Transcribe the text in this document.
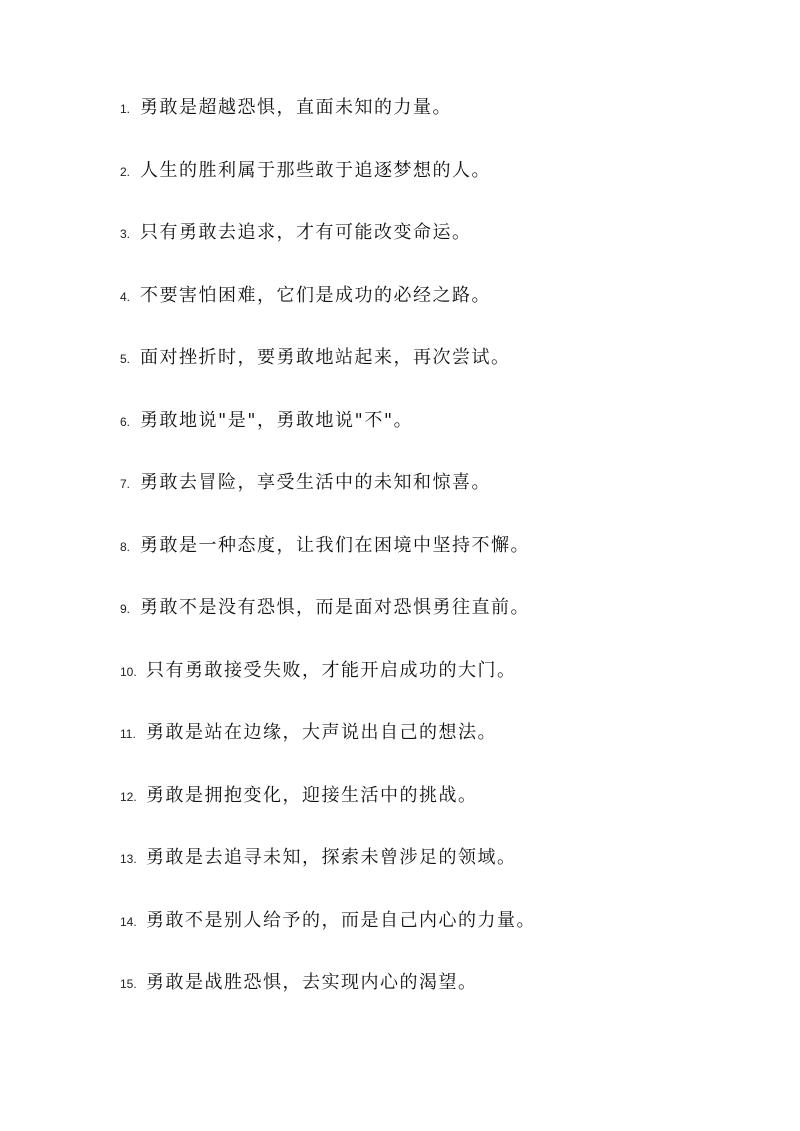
1. 勇敢是超越恐惧，直面未知的力量。
2. 人生的胜利属于那些敢于追逐梦想的人。
3. 只有勇敢去追求，才有可能改变命运。
4. 不要害怕困难，它们是成功的必经之路。
5. 面对挫折时，要勇敢地站起来，再次尝试。
6. 勇敢地说"是"，勇敢地说"不"。
7. 勇敢去冒险，享受生活中的未知和惊喜。
8. 勇敢是一种态度，让我们在困境中坚持不懈。
9. 勇敢不是没有恐惧，而是面对恐惧勇往直前。
10. 只有勇敢接受失败，才能开启成功的大门。
11. 勇敢是站在边缘，大声说出自己的想法。
12. 勇敢是拥抱变化，迎接生活中的挑战。
13. 勇敢是去追寻未知，探索未曾涉足的领域。
14. 勇敢不是别人给予的，而是自己内心的力量。
15. 勇敢是战胜恐惧，去实现内心的渴望。
